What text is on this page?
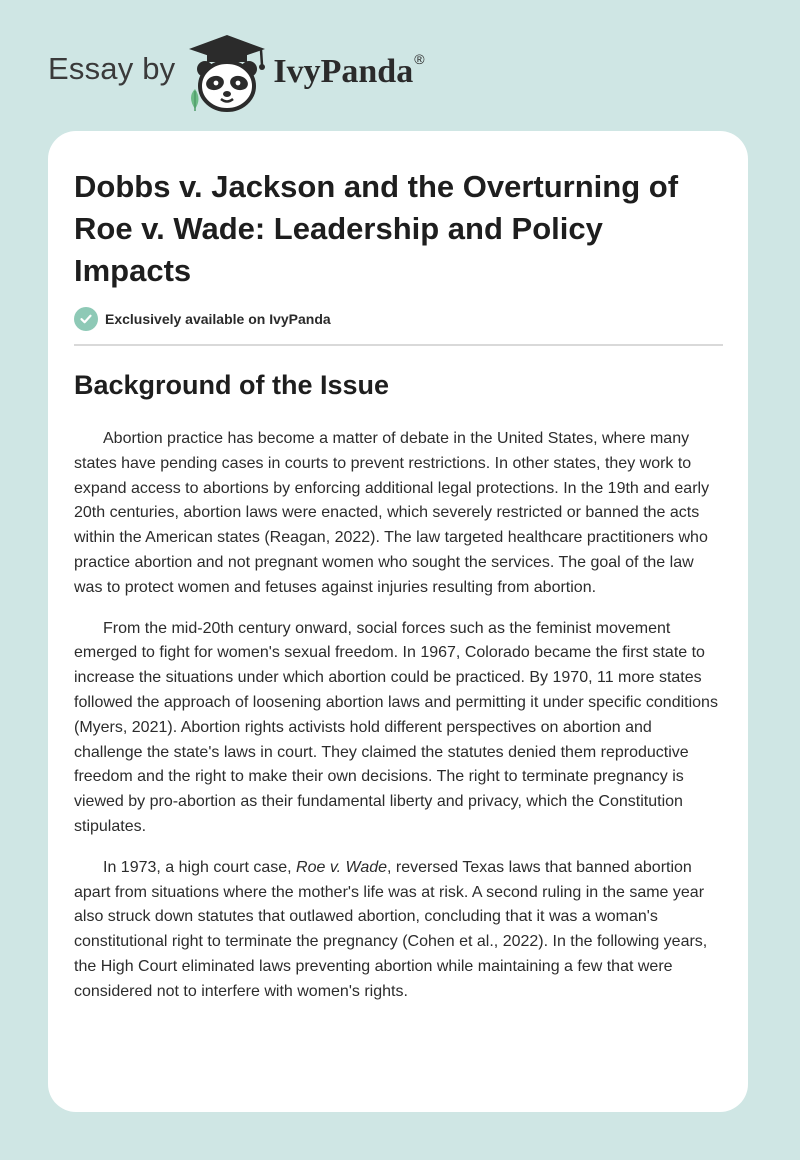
Essay by	IvyPanda ®
Dobbs v. Jackson and the Overturning of Roe v. Wade: Leadership and Policy Impacts
Exclusively available on IvyPanda
Background of the Issue

Abortion practice has become a matter of debate in the United States, where many states have pending cases in courts to prevent restrictions. In other states, they work to expand access to abortions by enforcing additional legal protections. In the 19th and early 20th centuries, abortion laws were enacted, which severely restricted or banned the acts within the American states (Reagan, 2022). The law targeted healthcare practitioners who practice abortion and not pregnant women who sought the services. The goal of the law was to protect women and fetuses against injuries resulting from abortion.

From the mid-20th century onward, social forces such as the feminist movement emerged to fight for women's sexual freedom. In 1967, Colorado became the first state to increase the situations under which abortion could be practiced. By 1970, 11 more states followed the approach of loosening abortion laws and permitting it under specific conditions (Myers, 2021). Abortion rights activists hold different perspectives on abortion and challenge the state's laws in court. They claimed the statutes denied them reproductive freedom and the right to make their own decisions. The right to terminate pregnancy is viewed by pro-abortion as their fundamental liberty and privacy, which the Constitution stipulates.

In 1973, a high court case, Roe v. Wade, reversed Texas laws that banned abortion apart from situations where the mother's life was at risk. A second ruling in the same year also struck down statutes that outlawed abortion, concluding that it was a woman's constitutional right to terminate the pregnancy (Cohen et al., 2022). In the following years, the High Court eliminated laws preventing abortion while maintaining a few that were considered not to interfere with women's rights.
